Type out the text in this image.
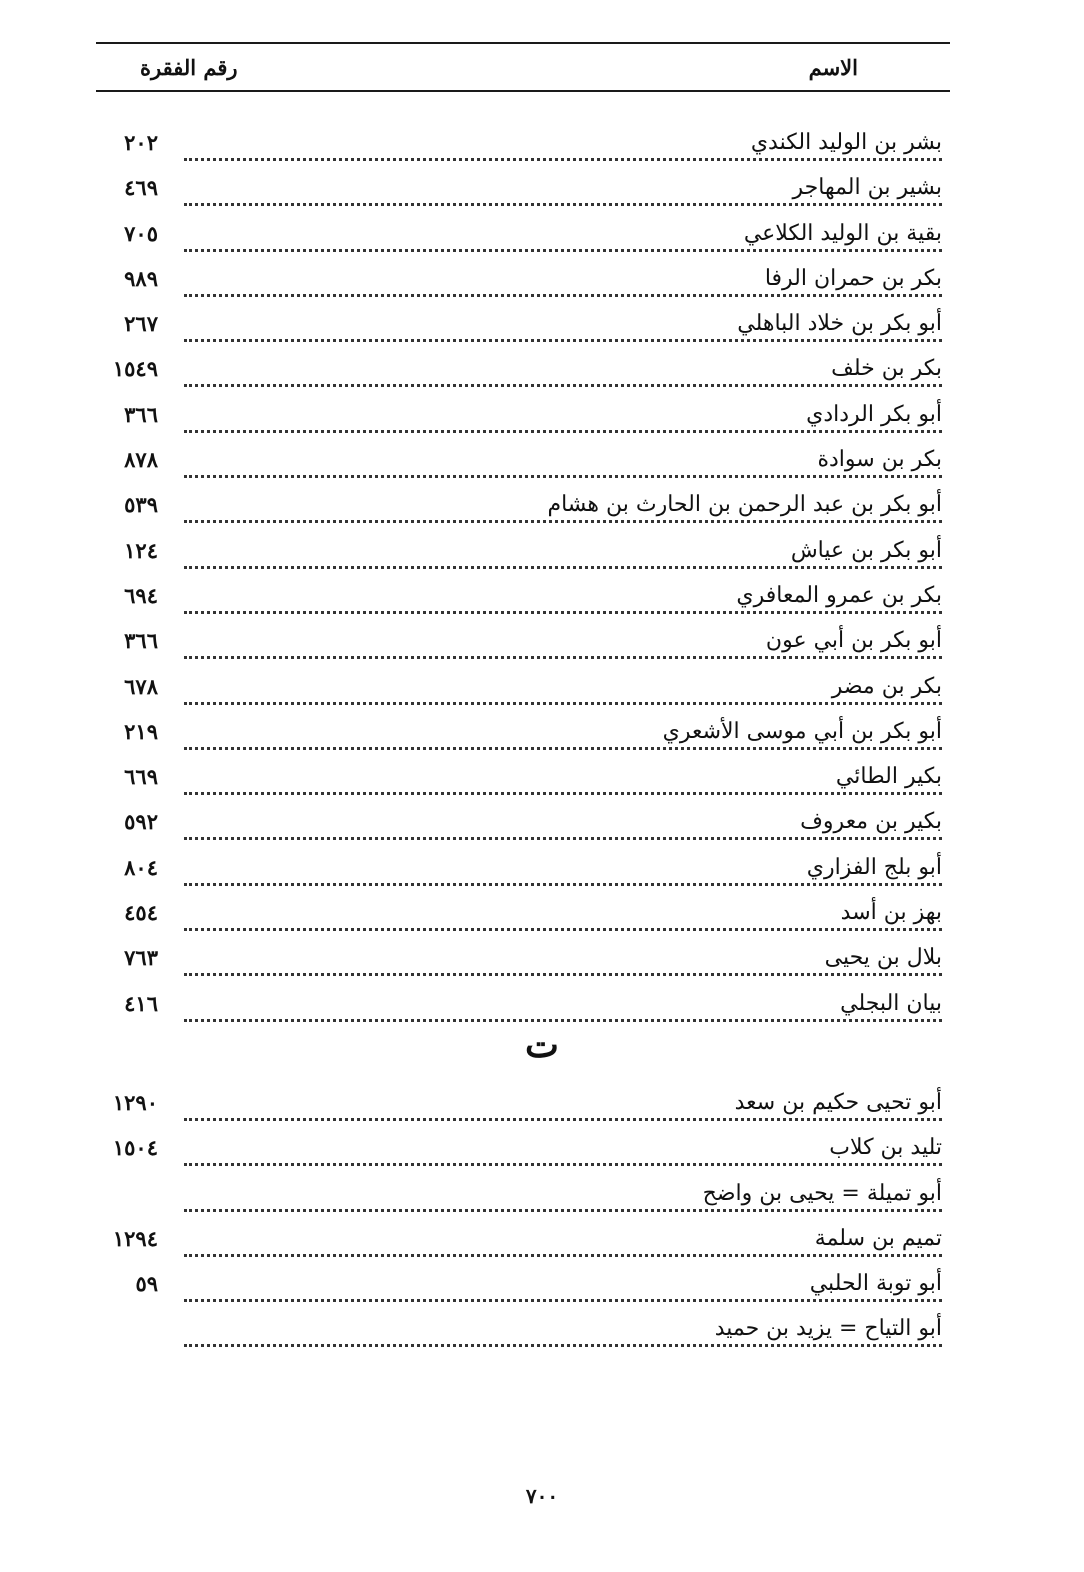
الاسم
رقم الفقرة
بشر بن الوليد الكندي
٢٠٢
بشير بن المهاجر
٤٦٩
بقية بن الوليد الكلاعي
٧٠٥
بكر بن حمران الرفا
٩٨٩
أبو بكر بن خلاد الباهلي
٢٦٧
بكر بن خلف
١٥٤٩
أبو بكر الردادي
٣٦٦
بكر بن سوادة
٨٧٨
أبو بكر بن عبد الرحمن بن الحارث بن هشام
٥٣٩
أبو بكر بن عياش
١٢٤
بكر بن عمرو المعافري
٦٩٤
أبو بكر بن أبي عون
٣٦٦
بكر بن مضر
٦٧٨
أبو بكر بن أبي موسى الأشعري
٢١٩
بكير الطائي
٦٦٩
بكير بن معروف
٥٩٢
أبو بلج الفزاري
٨٠٤
بهز بن أسد
٤٥٤
بلال بن يحيى
٧٦٣
بيان البجلي
٤١٦
ت
أبو تحيى حكيم بن سعد
١٢٩٠
تليد بن كلاب
١٥٠٤
أبو تميلة = يحيى بن واضح
تميم بن سلمة
١٢٩٤
أبو توبة الحلبي
٥٩
أبو التياح = يزيد بن حميد
٧٠٠
